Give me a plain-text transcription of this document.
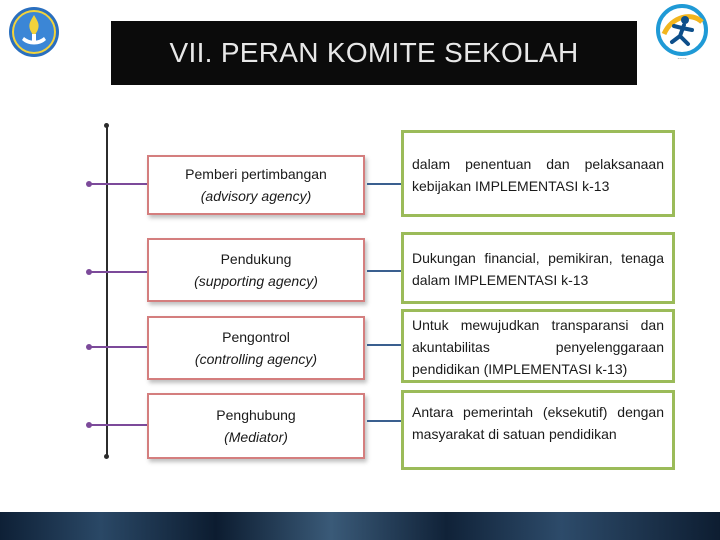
·····
VII. PERAN KOMITE SEKOLAH
Pemberi pertimbangan
(advisory agency)
dalam penentuan dan pelaksanaan kebijakan IMPLEMENTASI k-13
Pendukung
(supporting agency)
Dukungan financial, pemikiran, tenaga dalam IMPLEMENTASI k-13
Pengontrol
(controlling agency)
Untuk mewujudkan transparansi dan akuntabilitas penyelenggaraan pendidikan (IMPLEMENTASI k-13)
Penghubung
(Mediator)
Antara pemerintah (eksekutif) dengan masyarakat di satuan pendidikan
